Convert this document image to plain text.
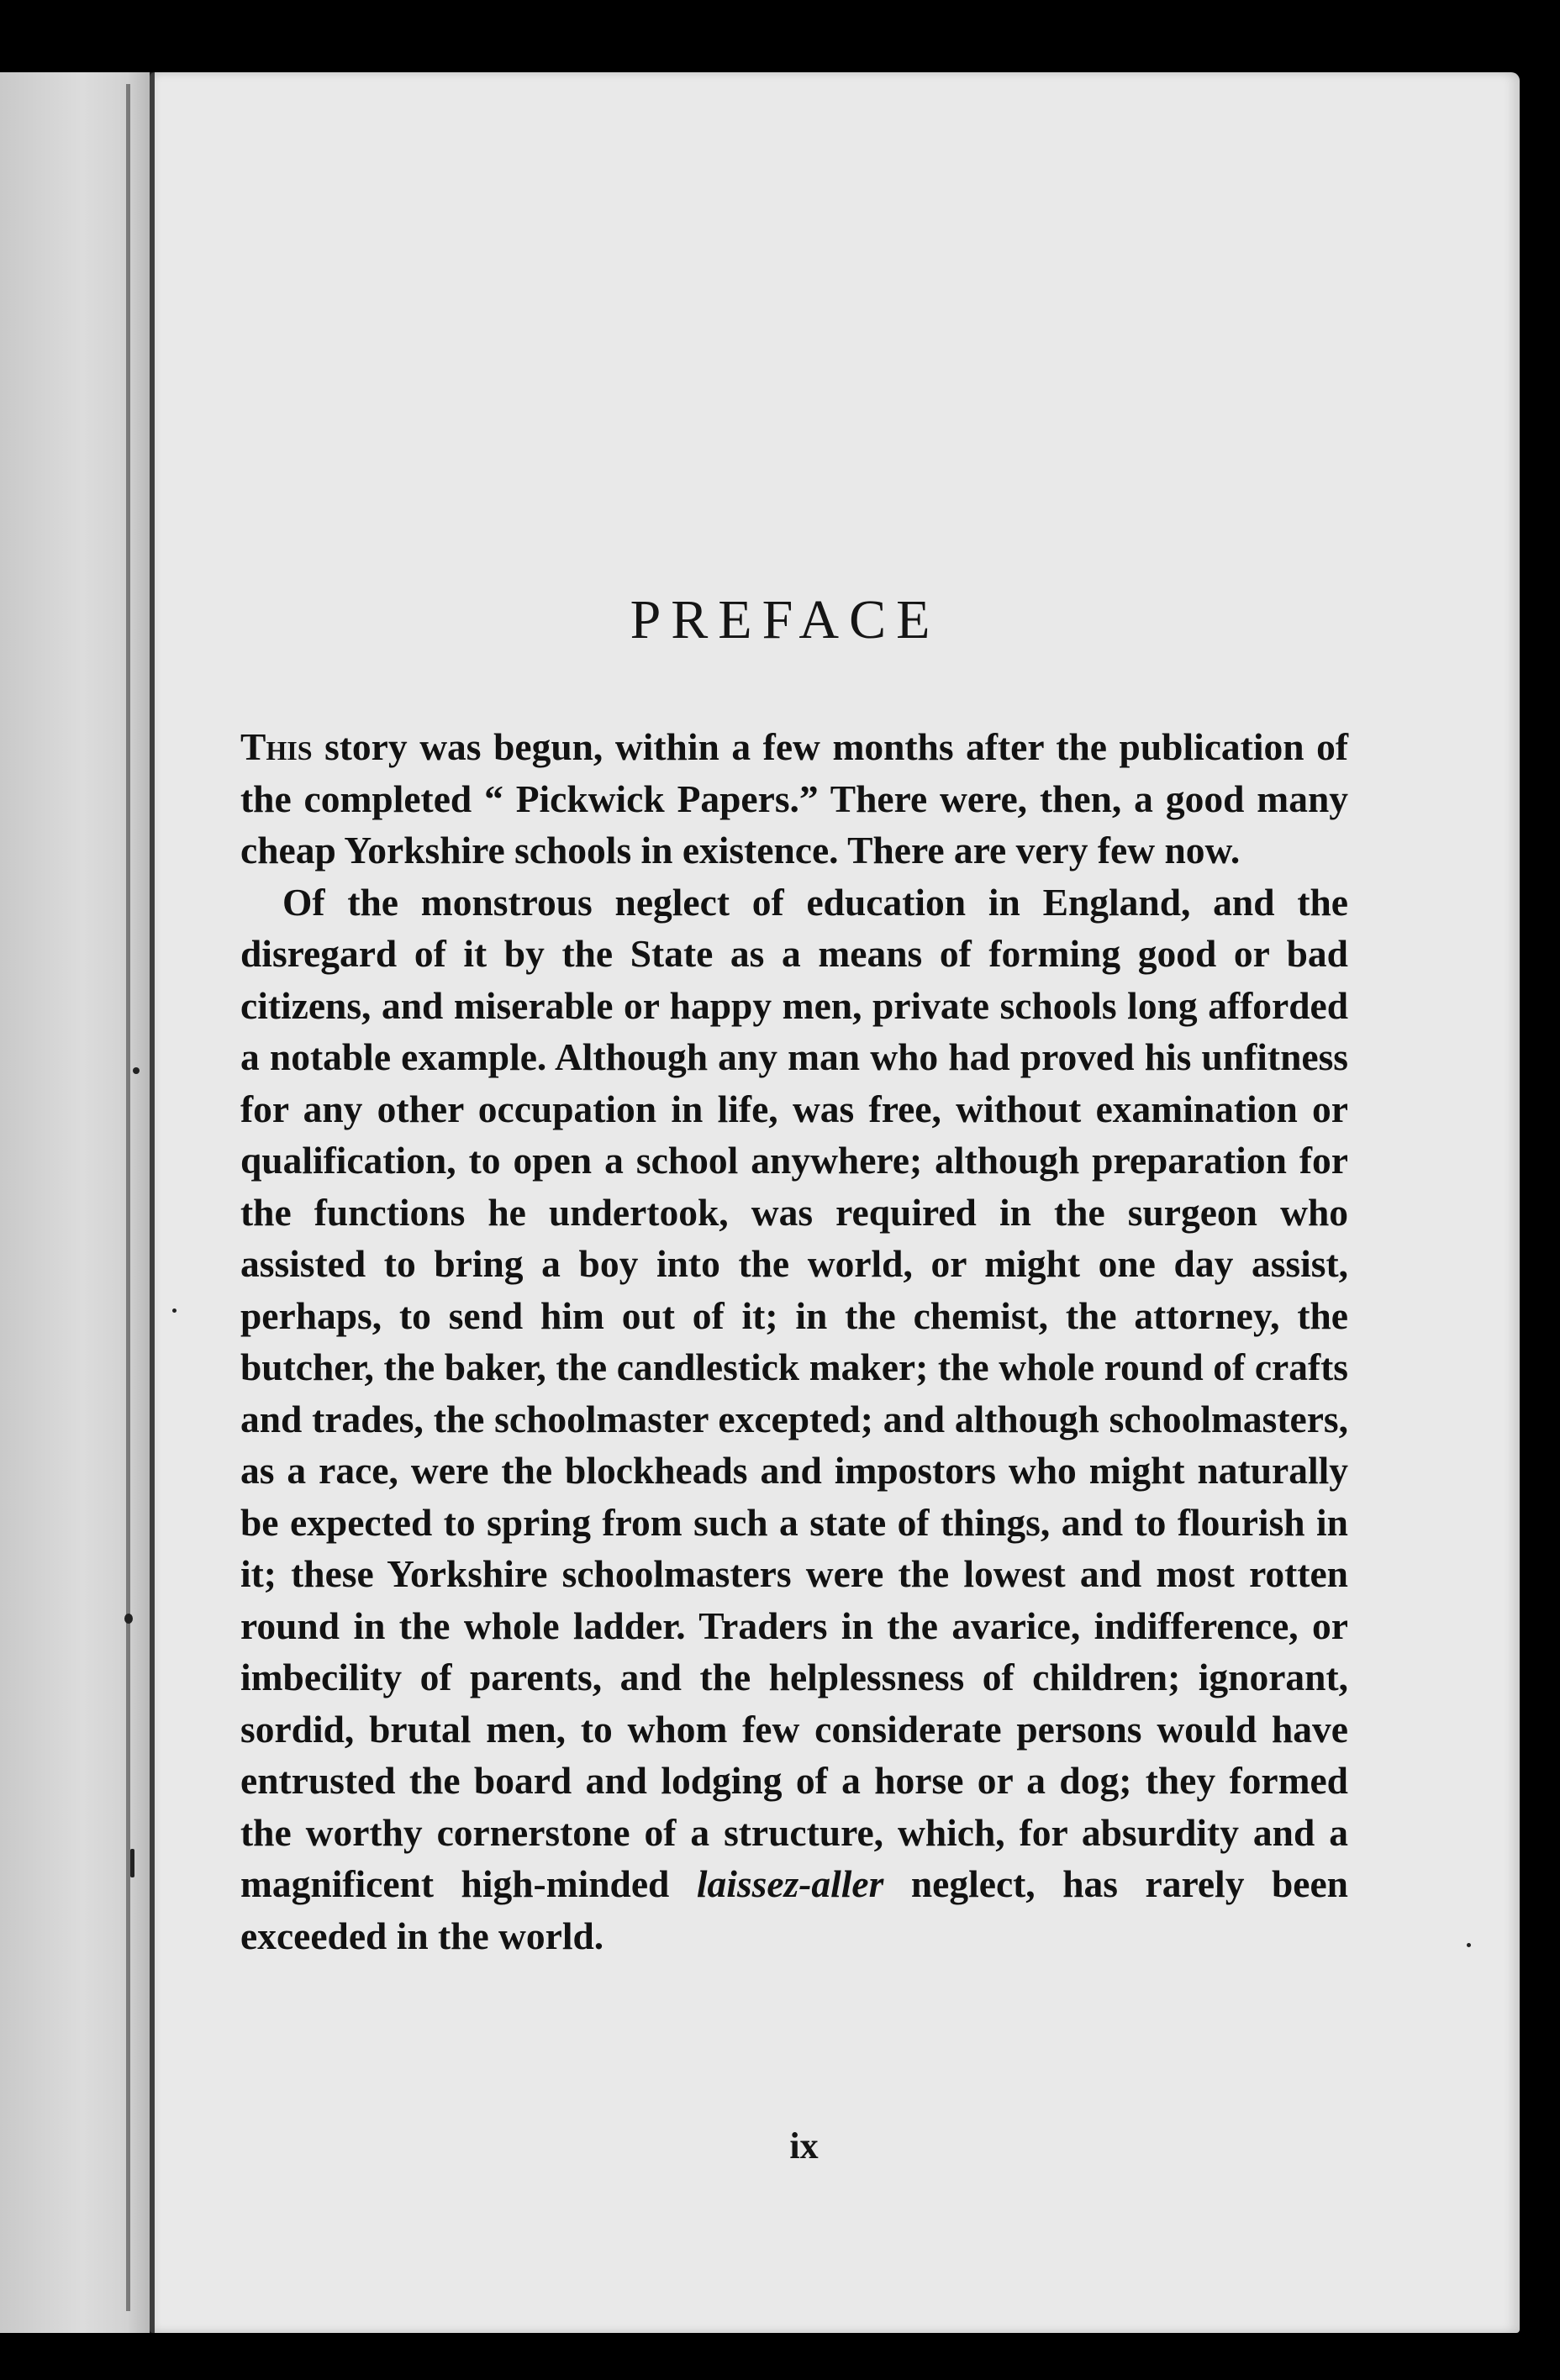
PREFACE

This story was begun, within a few months after the publication of the completed “ Pickwick Papers.” There were, then, a good many cheap Yorkshire schools in existence. There are very few now.

Of the monstrous neglect of education in England, and the disregard of it by the State as a means of forming good or bad citizens, and miserable or happy men, private schools long afforded a notable example. Although any man who had proved his unfitness for any other occupation in life, was free, without examination or qualification, to open a school anywhere; although preparation for the functions he undertook, was required in the surgeon who assisted to bring a boy into the world, or might one day assist, perhaps, to send him out of it; in the chemist, the attorney, the butcher, the baker, the candlestick maker; the whole round of crafts and trades, the schoolmaster excepted; and although schoolmasters, as a race, were the blockheads and impostors who might naturally be expected to spring from such a state of things, and to flourish in it; these Yorkshire schoolmasters were the lowest and most rotten round in the whole ladder. Traders in the avarice, indifference, or imbecility of parents, and the helplessness of children; ignorant, sordid, brutal men, to whom few considerate persons would have entrusted the board and lodging of a horse or a dog; they formed the worthy cornerstone of a structure, which, for absurdity and a magnificent high-minded laissez-aller neglect, has rarely been exceeded in the world.

ix
